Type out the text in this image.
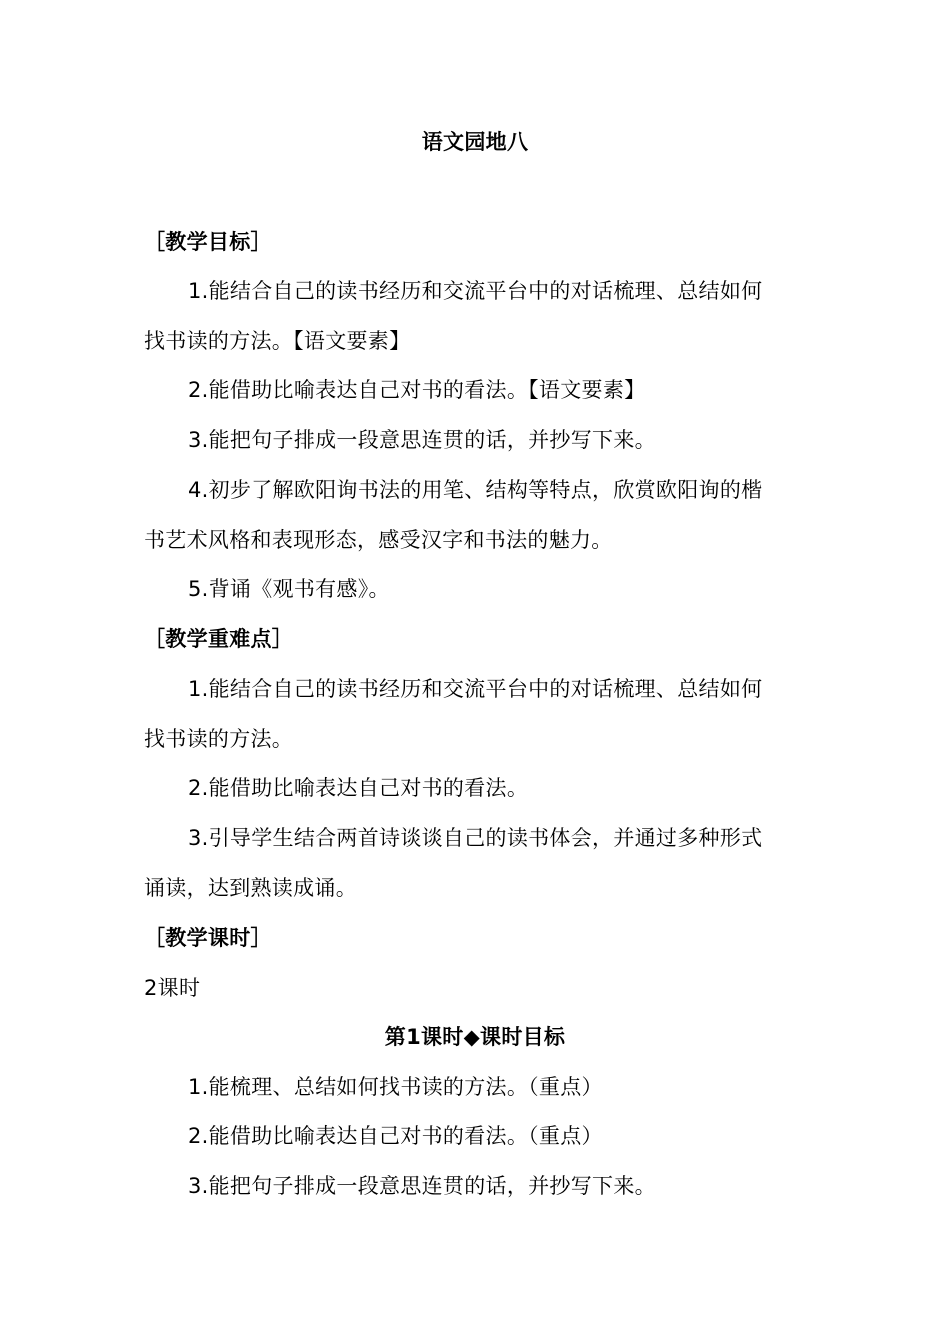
语文园地八
［教学目标］
1.能结合自己的读书经历和交流平台中的对话梳理、总结如何
找书读的方法。【语文要素】
2.能借助比喻表达自己对书的看法。【语文要素】
3.能把句子排成一段意思连贯的话，并抄写下来。
4.初步了解欧阳询书法的用笔、结构等特点，欣赏欧阳询的楷
书艺术风格和表现形态，感受汉字和书法的魅力。
5.背诵《观书有感》。
［教学重难点］
1.能结合自己的读书经历和交流平台中的对话梳理、总结如何
找书读的方法。
2.能借助比喻表达自己对书的看法。
3.引导学生结合两首诗谈谈自己的读书体会，并通过多种形式
诵读，达到熟读成诵。
［教学课时］
2课时
第1课时◆课时目标
1.能梳理、总结如何找书读的方法。（重点）
2.能借助比喻表达自己对书的看法。（重点）
3.能把句子排成一段意思连贯的话，并抄写下来。
